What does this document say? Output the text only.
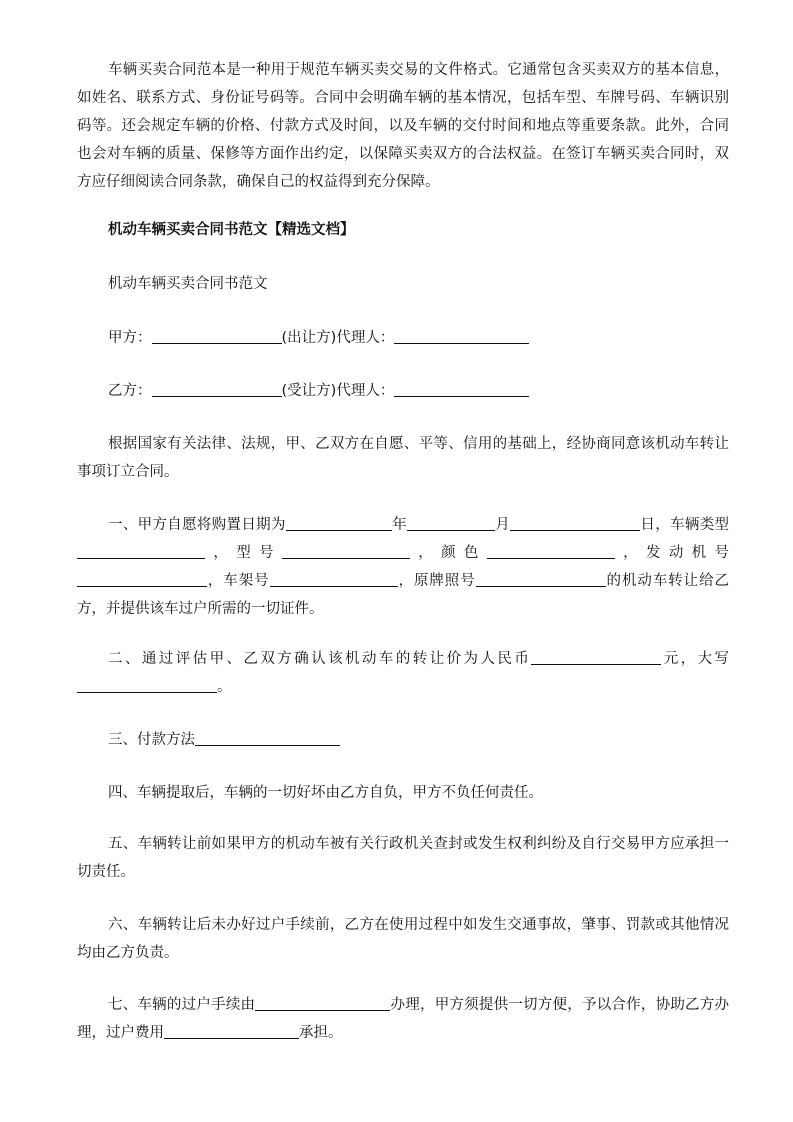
车辆买卖合同范本是一种用于规范车辆买卖交易的文件格式。它通常包含买卖双方的基本信息，如姓名、联系方式、身份证号码等。合同中会明确车辆的基本情况，包括车型、车牌号码、车辆识别码等。还会规定车辆的价格、付款方式及时间，以及车辆的交付时间和地点等重要条款。此外，合同也会对车辆的质量、保修等方面作出约定，以保障买卖双方的合法权益。在签订车辆买卖合同时，双方应仔细阅读合同条款，确保自己的权益得到充分保障。

机动车辆买卖合同书范文【精选文档】

机动车辆买卖合同书范文

甲方：	(出让方)代理人：

乙方：	(受让方)代理人：

根据国家有关法律、法规，甲、乙双方在自愿、平等、信用的基础上，经协商同意该机动车转让事项订立合同。

一、甲方自愿将购置日期为	年	月	日，车辆类型，型号	，颜色	，发动机号，车架号	，原牌照号	的机动车转让给乙方，并提供该车过户所需的一切证件。

二、通过评估甲、乙双方确认该机动车的转让价为人民币	元，大写。

三、付款方法

四、车辆提取后，车辆的一切好坏由乙方自负，甲方不负任何责任。

五、车辆转让前如果甲方的机动车被有关行政机关查封或发生权利纠纷及自行交易甲方应承担一切责任。

六、车辆转让后未办好过户手续前，乙方在使用过程中如发生交通事故，肇事、罚款或其他情况均由乙方负责。

七、车辆的过户手续由	办理，甲方须提供一切方便，予以合作，协助乙方办理，过户费用	承担。
